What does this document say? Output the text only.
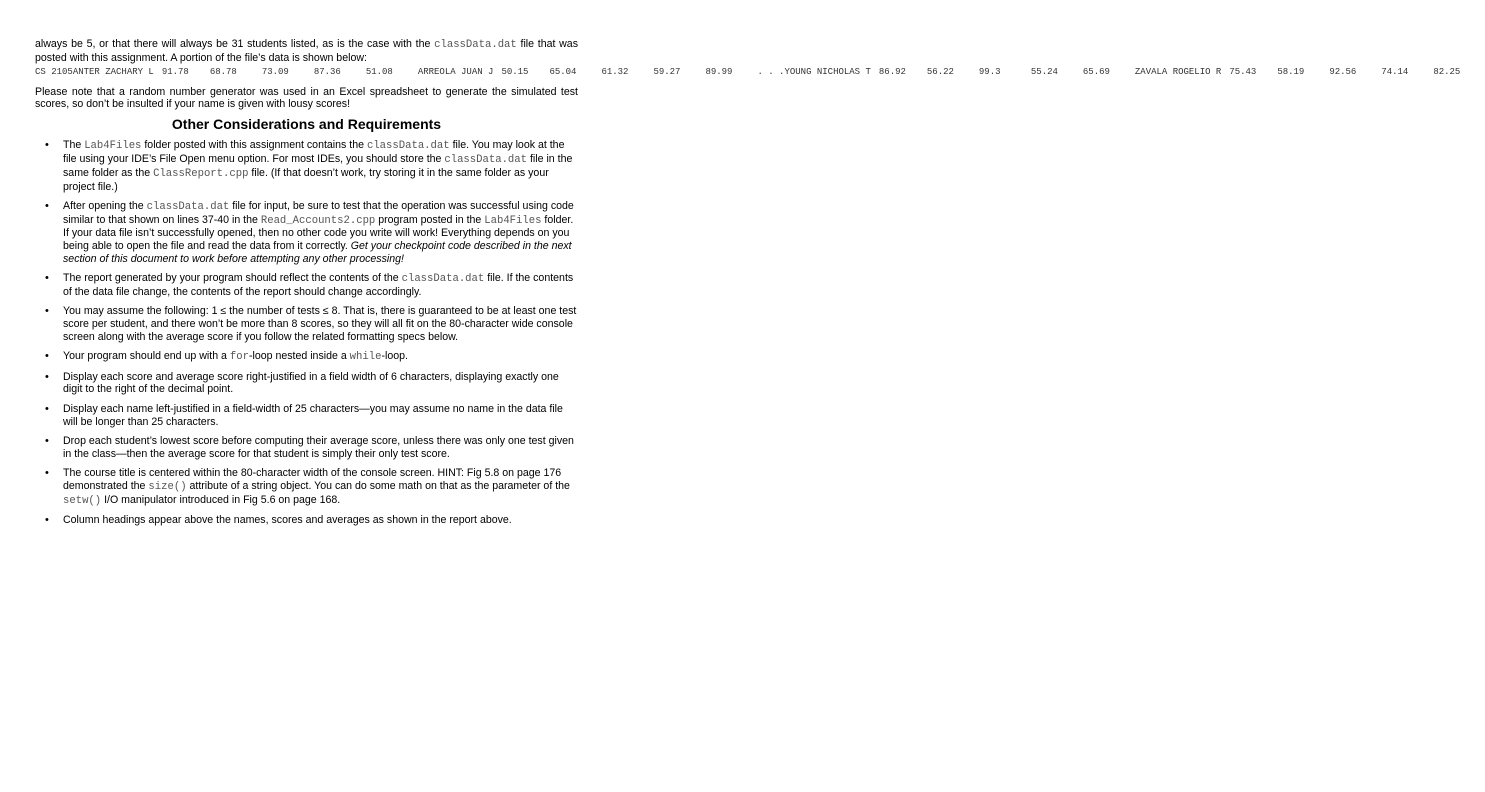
always be 5, or that there will always be 31 students listed, as is the case with the classData.dat file that was posted with this assignment. A portion of the file’s data is shown below:

CS 2105ANTER ZACHARY L 91.78 68.78	73.09	87.36	51.08	ARREOLA JUAN J 50.15 65.04	61.32	59.27	89.99	. . .YOUNG NICHOLAS T 86.92 56.22	99.3	55.24	65.69	ZAVALA ROGELIO R 75.43 58.19	92.56	74.14	82.25

Please note that a random number generator was used in an Excel spreadsheet to generate the simulated test scores, so don’t be insulted if your name is given with lousy scores!

Other Considerations and Requirements
• The Lab4Files folder posted with this assignment contains the classData.dat file. You may look at the file using your IDE’s File Open menu option. For most IDEs, you should store the classData.dat file in the same folder as the ClassReport.cpp file. (If that doesn’t work, try storing it in the same folder as your project file.)
• After opening the classData.dat file for input, be sure to test that the operation was successful using code similar to that shown on lines 37-40 in the Read_Accounts2.cpp program posted in the Lab4Files folder. If your data file isn’t successfully opened, then no other code you write will work! Everything depends on you being able to open the file and read the data from it correctly. Get your checkpoint code described in the next section of this document to work before attempting any other processing!
• The report generated by your program should reflect the contents of the classData.dat file. If the contents of the data file change, the contents of the report should change accordingly.
• You may assume the following: 1 ≤ the number of tests ≤ 8. That is, there is guaranteed to be at least one test score per student, and there won’t be more than 8 scores, so they will all fit on the 80-character wide console screen along with the average score if you follow the related formatting specs below.
• Your program should end up with a for-loop nested inside a while-loop.
• Display each score and average score right-justified in a field width of 6 characters, displaying exactly one digit to the right of the decimal point.
• Display each name left-justified in a field-width of 25 characters—you may assume no name in the data file will be longer than 25 characters.
• Drop each student’s lowest score before computing their average score, unless there was only one test given in the class—then the average score for that student is simply their only test score.
• The course title is centered within the 80-character width of the console screen. HINT: Fig 5.8 on page 176 demonstrated the size() attribute of a string object. You can do some math on that as the parameter of the setw() I/O manipulator introduced in Fig 5.6 on page 168.
• Column headings appear above the names, scores and averages as shown in the report above.
